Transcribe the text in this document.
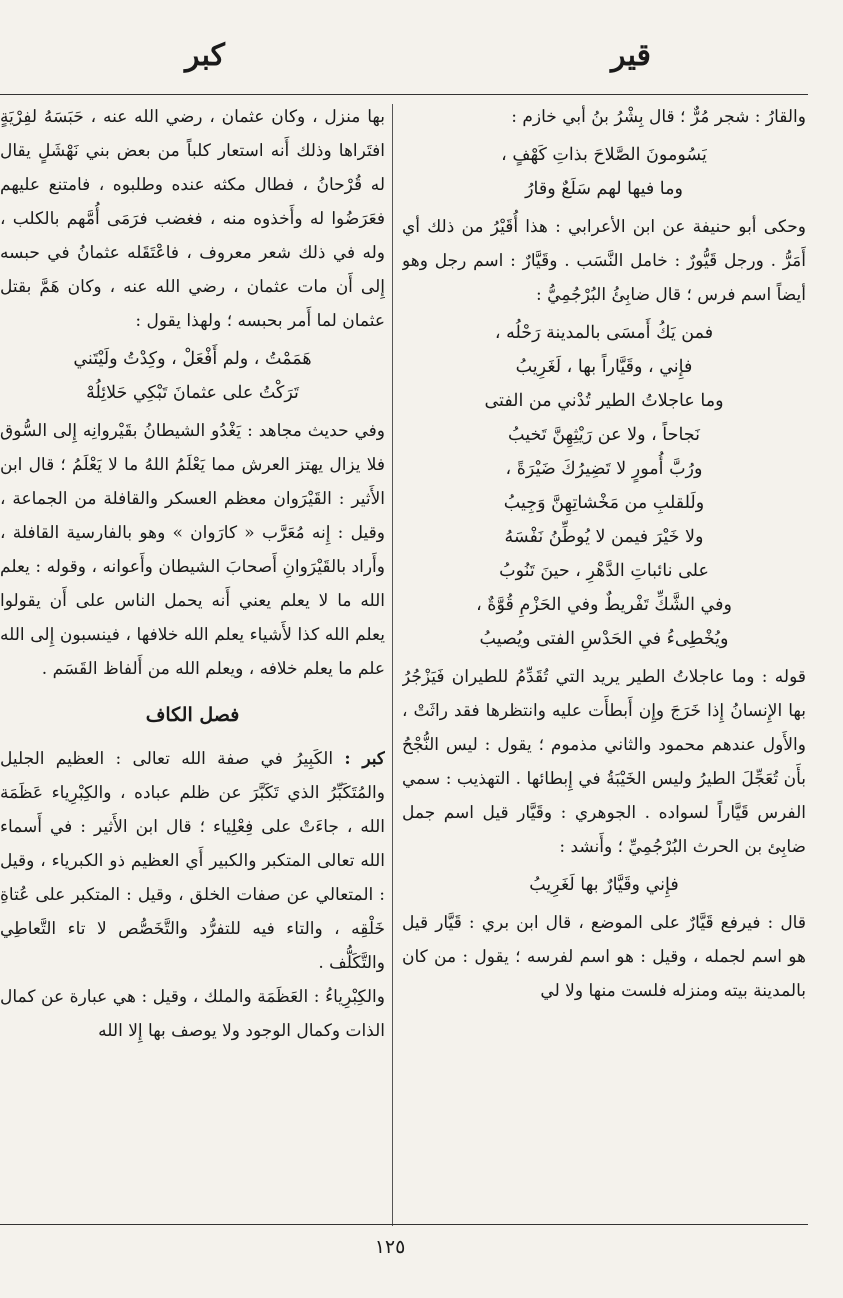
قير
كبر

والقارُ : شجر مُرٌّ ؛ قال بِشْرُ بنُ أبي خازم :

يَسُومونَ الصَّلاحَ بذاتِ كَهْفٍ ،
وما فيها لهم سَلَعٌ وقارُ

وحكى أبو حنيفة عن ابن الأعرابي : هذا أُقَيْرُ من ذلك أي أَمَرُّ . ورجل قَيُّورٌ : خامل النَّسَب . وقَيَّارٌ : اسم رجل وهو أيضاً اسم فرس ؛ قال ضابِئُ البُرْجُمِيُّ :

فمن يَكُ أَمسَى بالمدينة رَحْلُه ،
فإِني ، وقَيَّاراً بها ، لَغَرِيبُ
وما عاجلاتُ الطير تُدْني من الفتى
نَجاحاً ، ولا عن رَيْثِهِنَّ تَخيبُ
ورُبَّ أُمورٍ لا تَضِيرُكَ ضَيْرَةً ،
ولَلقلبِ من مَخْشاتِهِنَّ وَجِيبُ
ولا خَيْرَ فيمن لا يُوطِّنُ نَفْسَهُ
على نائباتِ الدَّهْرِ ، حينَ تَنُوبُ
وفي الشَّكِّ تَفْريطٌ وفي الحَزْمِ قُوَّةٌ ،
ويُخْطِىءُ في الحَدْسِ الفتى ويُصيبُ

قوله : وما عاجلاتُ الطير يريد التي تُقَدِّمُ للطيران فَيَزْجُرُ بها الإِنسانُ إِذا خَرَجَ وإِن أَبطأَت عليه وانتظرها فقد راثَتْ ، والأَول عندهم محمود والثاني مذموم ؛ يقول : ليس النُّجْحُ بأَن تُعَجِّلَ الطيرُ وليس الخَيْبَةُ في إِبطائها . التهذيب : سمي الفرس قَيَّاراً لسواده . الجوهري : وقَيَّار قيل اسم جمل ضابِئ بن الحرث البُرْجُمِيِّ ؛ وأَنشد :

فإِني وقَيَّارٌ بها لَغَرِيبُ

قال : فيرفع قَيَّارٌ على الموضع ، قال ابن بري : قَيَّار قيل هو اسم لجمله ، وقيل : هو اسم لفرسه ؛ يقول : من كان بالمدينة بيته ومنزله فلست منها ولا لي

بها منزل ، وكان عثمان ، رضي الله عنه ، حَبَسَهُ لفِرْيَةٍ افتَراها وذلك أَنه استعار كلباً من بعض بني نَهْشَلٍ يقال له قُرْحانُ ، فطال مكثه عنده وطلبوه ، فامتنع عليهم فعَرَضُوا له وأَخذوه منه ، فغضب فرَمَى أُمَّهم بالكلب ، وله في ذلك شعر معروف ، فاعْتَقَله عثمانُ في حبسه إِلى أَن مات عثمان ، رضي الله عنه ، وكان هَمَّ بقتل عثمان لما أَمر بحبسه ؛ ولهذا يقول :

هَمَمْتُ ، ولم أَفْعَلْ ، وكِدْتُ ولَيْتَني
تَرَكْتُ على عثمانَ تَبْكِي حَلائِلُهْ

وفي حديث مجاهد : يَغْدُو الشيطانُ بقَيْروانِه إِلى السُّوق فلا يزال يهتز العرش مما يَعْلَمُ اللهُ ما لا يَعْلَمُ ؛ قال ابن الأَثير : القَيْرَوان معظم العسكر والقافلة من الجماعة ، وقيل : إِنه مُعَرَّب « كارَوان » وهو بالفارسية القافلة ، وأَراد بالقَيْرَوانِ أَصحابَ الشيطان وأَعوانه ، وقوله : يعلم الله ما لا يعلم يعني أَنه يحمل الناس على أَن يقولوا يعلم الله كذا لأَشياء يعلم الله خلافها ، فينسبون إِلى الله علم ما يعلم خلافه ، ويعلم الله من أَلفاظ القَسَم .

فصل الكاف

كبر : الكَبِيرُ في صفة الله تعالى : العظيم الجليل والمُتَكَبِّرُ الذي تَكَبَّرَ عن ظلم عباده ، والكِبْرِياء عَظَمَة الله ، جاءَتْ على فِعْلِياء ؛ قال ابن الأَثير : في أَسماء الله تعالى المتكبر والكبير أَي العظيم ذو الكبرياء ، وقيل : المتعالي عن صفات الخلق ، وقيل : المتكبر على عُتاةِ خَلْقِه ، والتاء فيه للتفرُّد والتَّخَصُّص لا تاء التَّعاطِي والتَّكَلُّف .

والكِبْرِياءُ : العَظَمَة والملك ، وقيل : هي عبارة عن كمال الذات وكمال الوجود ولا يوصف بها إِلا الله

١٢٥
